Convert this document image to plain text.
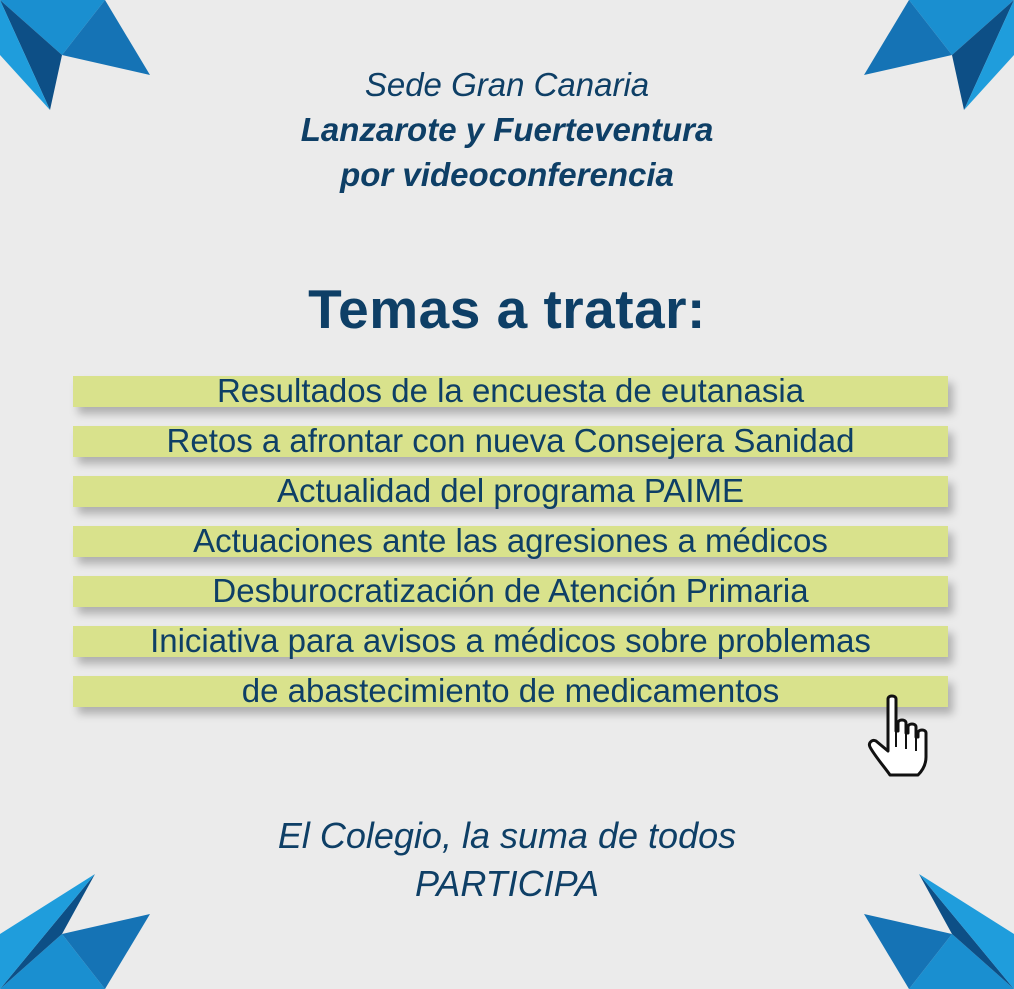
Sede Gran Canaria
Lanzarote y Fuerteventura
por videoconferencia
Temas a tratar:
Resultados de la encuesta de eutanasia
Retos a afrontar con nueva Consejera Sanidad
Actualidad del programa PAIME
Actuaciones ante las agresiones a médicos
Desburocratización de Atención Primaria
Iniciativa para avisos a médicos sobre problemas
de abastecimiento de medicamentos
El Colegio, la suma de todos
PARTICIPA
